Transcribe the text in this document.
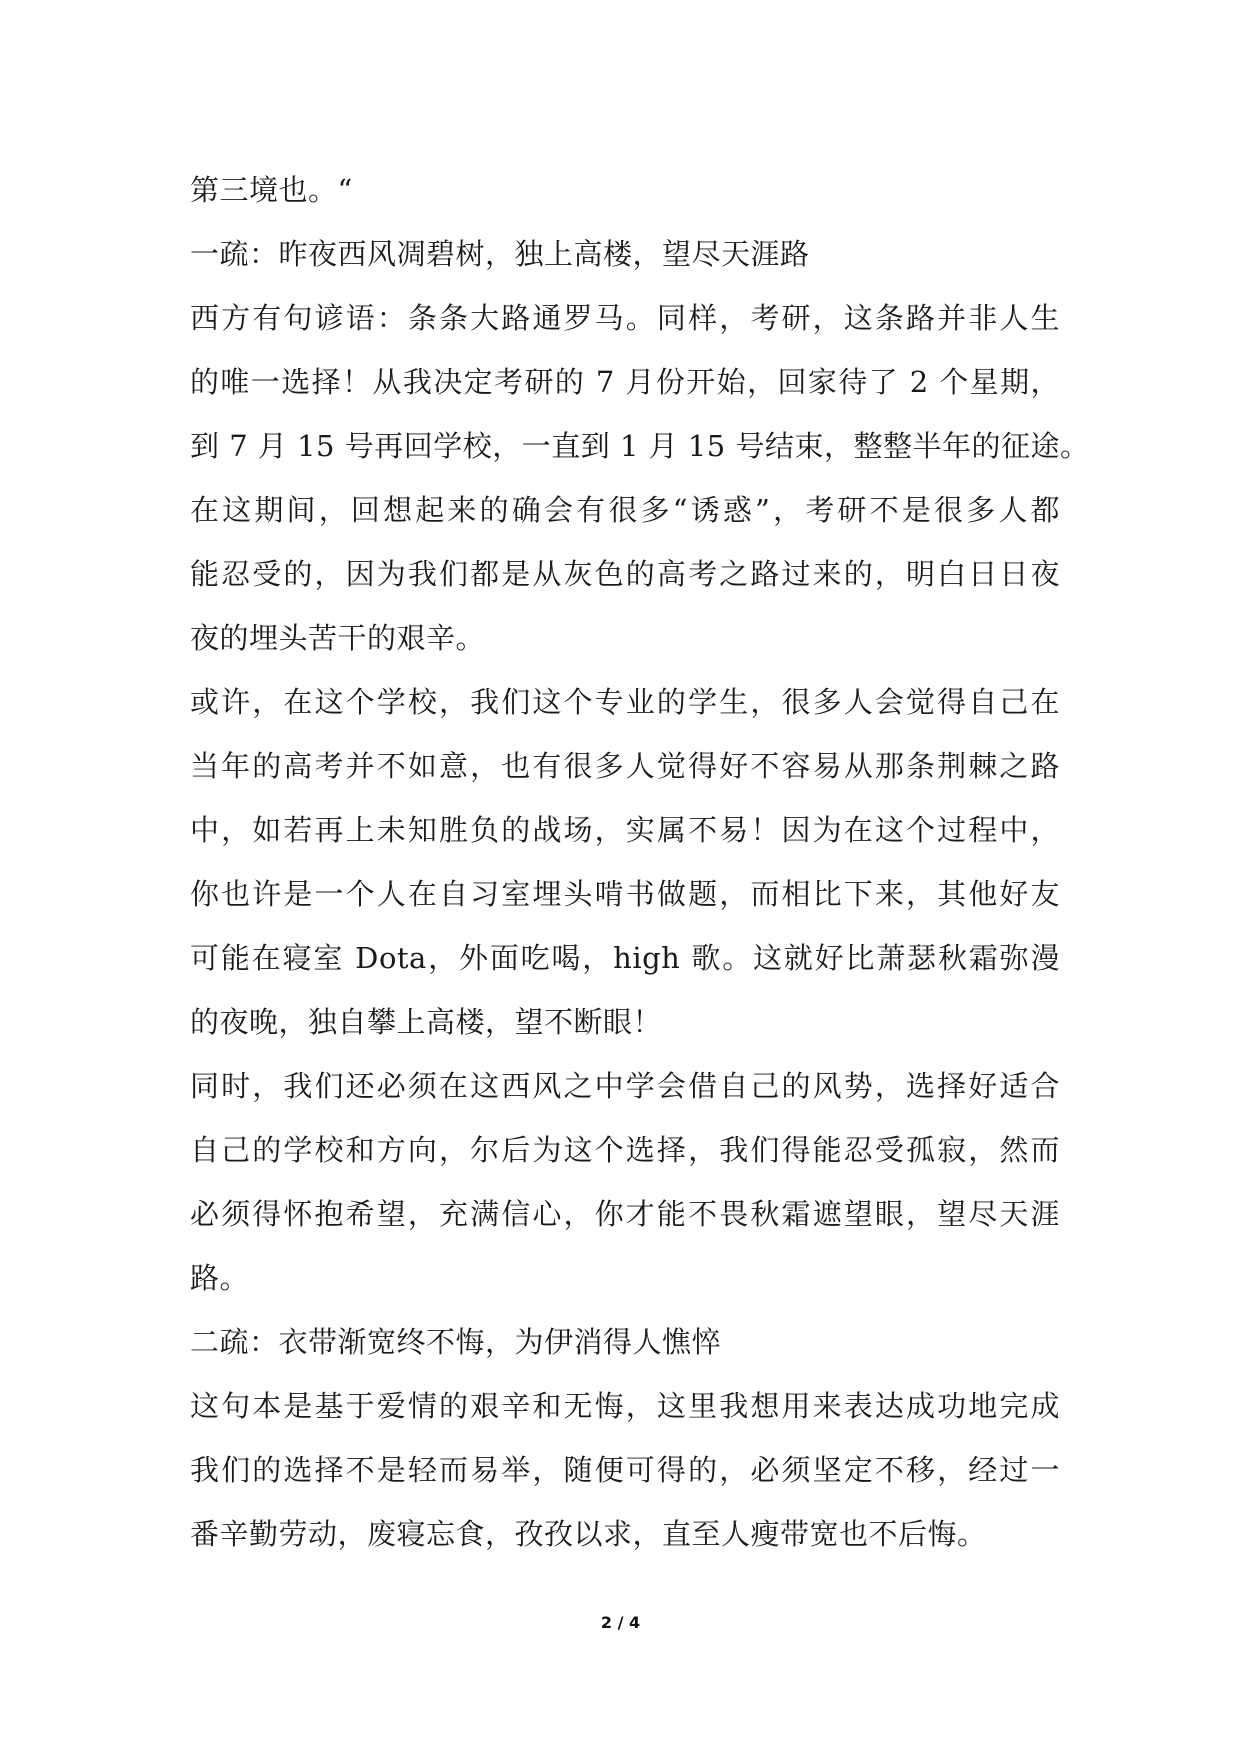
第三境也。“
一疏：昨夜西风凋碧树，独上高楼，望尽天涯路
西方有句谚语：条条大路通罗马。同样，考研，这条路并非人生
的唯一选择！从我决定考研的 7 月份开始，回家待了 2 个星期，
到 7 月 15 号再回学校，一直到 1 月 15 号结束，整整半年的征途。
在这期间，回想起来的确会有很多“诱惑”，考研不是很多人都
能忍受的，因为我们都是从灰色的高考之路过来的，明白日日夜
夜的埋头苦干的艰辛。
或许，在这个学校，我们这个专业的学生，很多人会觉得自己在
当年的高考并不如意，也有很多人觉得好不容易从那条荆棘之路
中，如若再上未知胜负的战场，实属不易！因为在这个过程中，
你也许是一个人在自习室埋头啃书做题，而相比下来，其他好友
可能在寝室 Dota，外面吃喝，high 歌。这就好比萧瑟秋霜弥漫
的夜晚，独自攀上高楼，望不断眼！
同时，我们还必须在这西风之中学会借自己的风势，选择好适合
自己的学校和方向，尔后为这个选择，我们得能忍受孤寂，然而
必须得怀抱希望，充满信心，你才能不畏秋霜遮望眼，望尽天涯
路。
二疏：衣带渐宽终不悔，为伊消得人憔悴
这句本是基于爱情的艰辛和无悔，这里我想用来表达成功地完成
我们的选择不是轻而易举，随便可得的，必须坚定不移，经过一
番辛勤劳动，废寝忘食，孜孜以求，直至人瘦带宽也不后悔。
2 / 4
